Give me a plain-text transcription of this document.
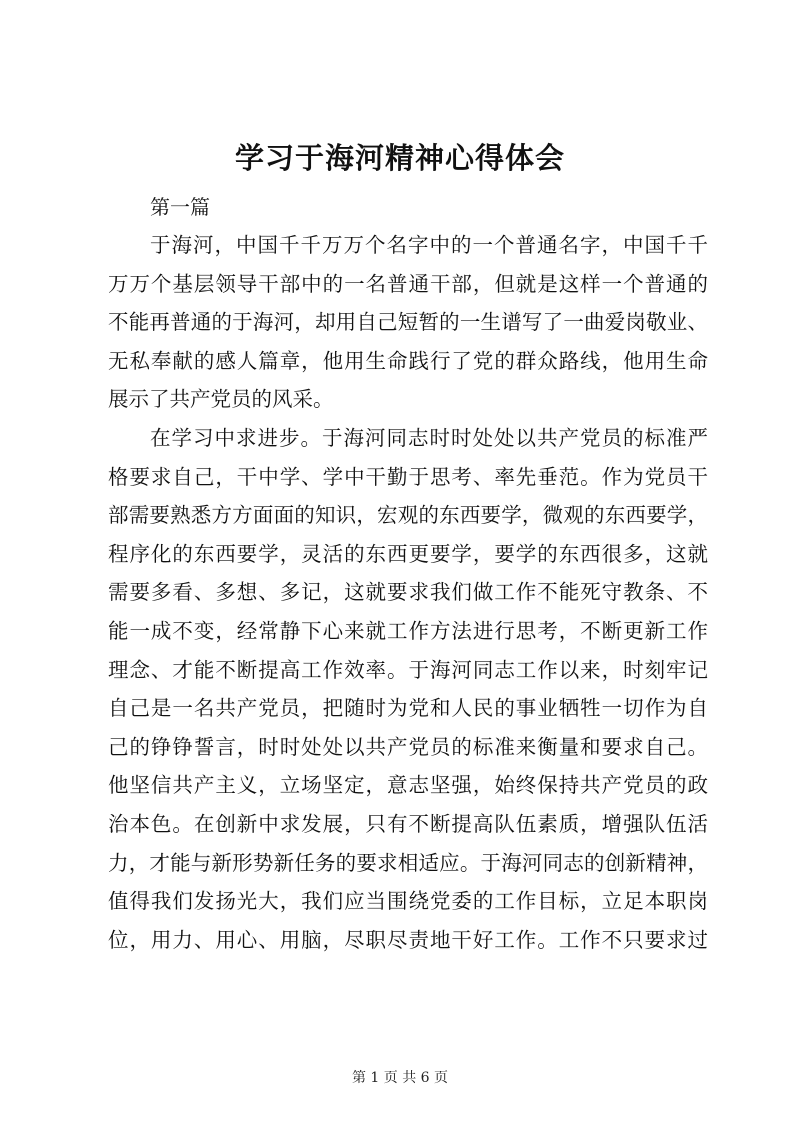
学习于海河精神心得体会
第一篇
于海河，中国千千万万个名字中的一个普通名字，中国千千
万万个基层领导干部中的一名普通干部，但就是这样一个普通的
不能再普通的于海河，却用自己短暂的一生谱写了一曲爱岗敬业、
无私奉献的感人篇章，他用生命践行了党的群众路线，他用生命
展示了共产党员的风采。
在学习中求进步。于海河同志时时处处以共产党员的标准严
格要求自己，干中学、学中干勤于思考、率先垂范。作为党员干
部需要熟悉方方面面的知识，宏观的东西要学，微观的东西要学，
程序化的东西要学，灵活的东西更要学，要学的东西很多，这就
需要多看、多想、多记，这就要求我们做工作不能死守教条、不
能一成不变，经常静下心来就工作方法进行思考，不断更新工作
理念、才能不断提高工作效率。于海河同志工作以来，时刻牢记
自己是一名共产党员，把随时为党和人民的事业牺牲一切作为自
己的铮铮誓言，时时处处以共产党员的标准来衡量和要求自己。
他坚信共产主义，立场坚定，意志坚强，始终保持共产党员的政
治本色。在创新中求发展，只有不断提高队伍素质，增强队伍活
力，才能与新形势新任务的要求相适应。于海河同志的创新精神，
值得我们发扬光大，我们应当围绕党委的工作目标，立足本职岗
位，用力、用心、用脑，尽职尽责地干好工作。工作不只要求过
第 1 页 共 6 页
